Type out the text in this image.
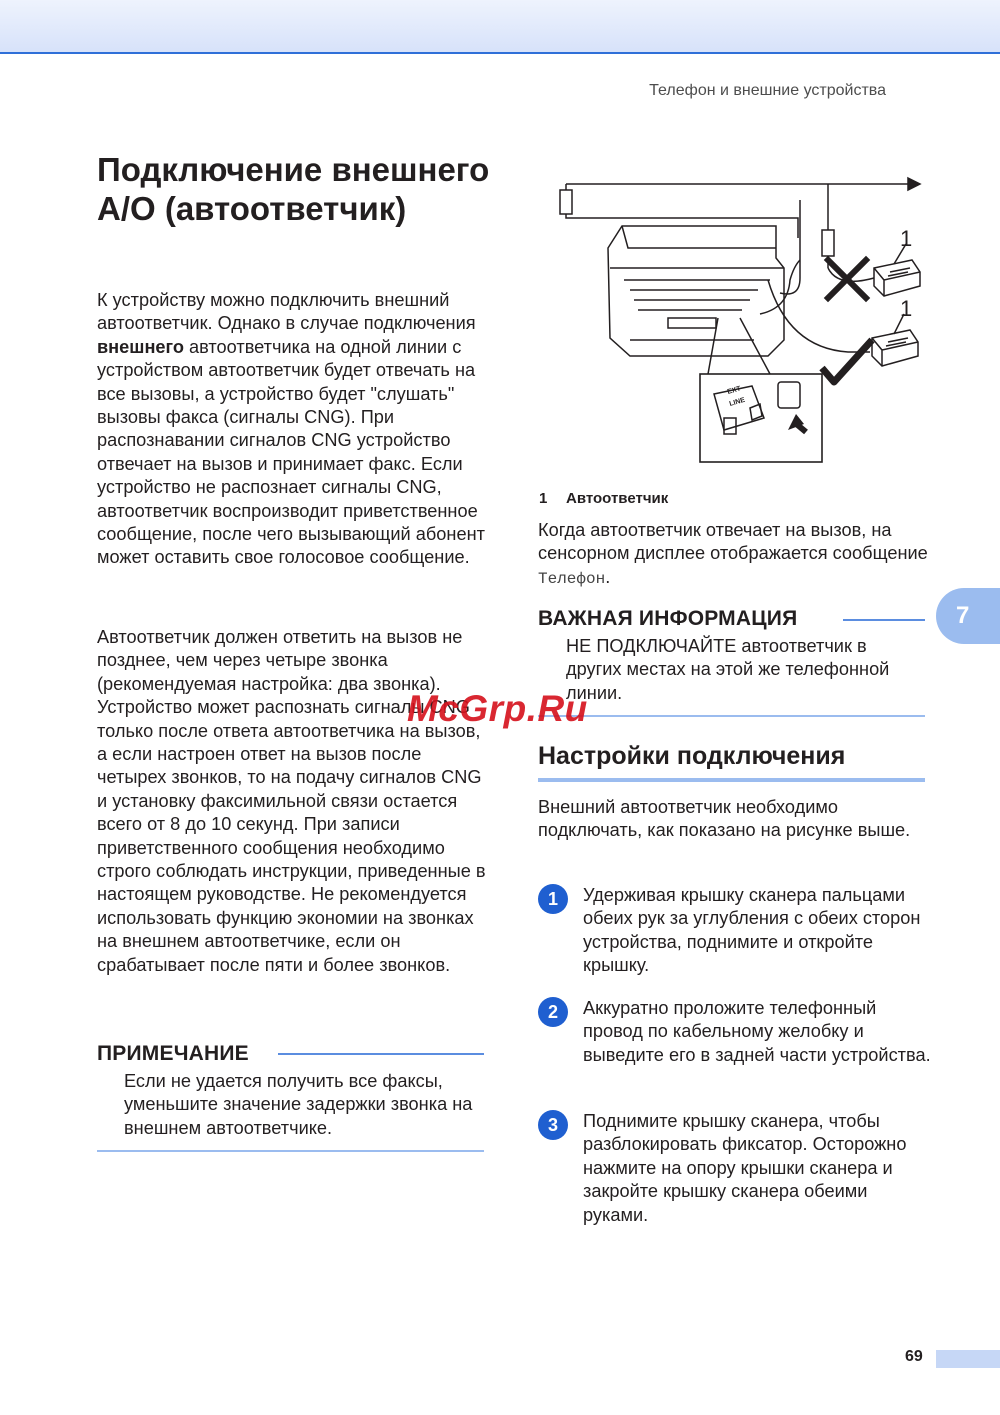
Телефон и внешние устройства
Подключение внешнего A/O (автоответчик)
К устройству можно подключить внешний автоответчик. Однако в случае подключения внешнего автоответчика на одной линии с устройством автоответчик будет отвечать на все вызовы, а устройство будет "слушать" вызовы факса (сигналы CNG). При распознавании сигналов CNG устройство отвечает на вызов и принимает факс. Если устройство не распознает сигналы CNG, автоответчик воспроизводит приветственное сообщение, после чего вызывающий абонент может оставить свое голосовое сообщение.
Автоответчик должен ответить на вызов не позднее, чем через четыре звонка (рекомендуемая настройка: два звонка). Устройство может распознать сигналы CNG только после ответа автоответчика на вызов, а если настроен ответ на вызов после четырех звонков, то на подачу сигналов CNG и установку факсимильной связи остается всего от 8 до 10 секунд. При записи приветственного сообщения необходимо строго соблюдать инструкции, приведенные в настоящем руководстве. Не рекомендуется использовать функцию экономии на звонках на внешнем автоответчике, если он срабатывает после пяти и более звонков.
ПРИМЕЧАНИЕ
Если не удается получить все факсы, уменьшите значение задержки звонка на внешнем автоответчике.
1
1
EXT
LINE
1 Автоответчик
Когда автоответчик отвечает на вызов, на сенсорном дисплее отображается сообщение Телефон.
ВАЖНАЯ ИНФОРМАЦИЯ
НЕ ПОДКЛЮЧАЙТЕ автоответчик в других местах на этой же телефонной линии.
Настройки подключения
Внешний автоответчик необходимо подключать, как показано на рисунке выше.
1	Удерживая крышку сканера пальцами обеих рук за углубления с обеих сторон устройства, поднимите и откройте крышку.
2	Аккуратно проложите телефонный провод по кабельному желобку и выведите его в задней части устройства.
3	Поднимите крышку сканера, чтобы разблокировать фиксатор. Осторожно нажмите на опору крышки сканера и закройте крышку сканера обеими руками.
7
69
McGrp.Ru
